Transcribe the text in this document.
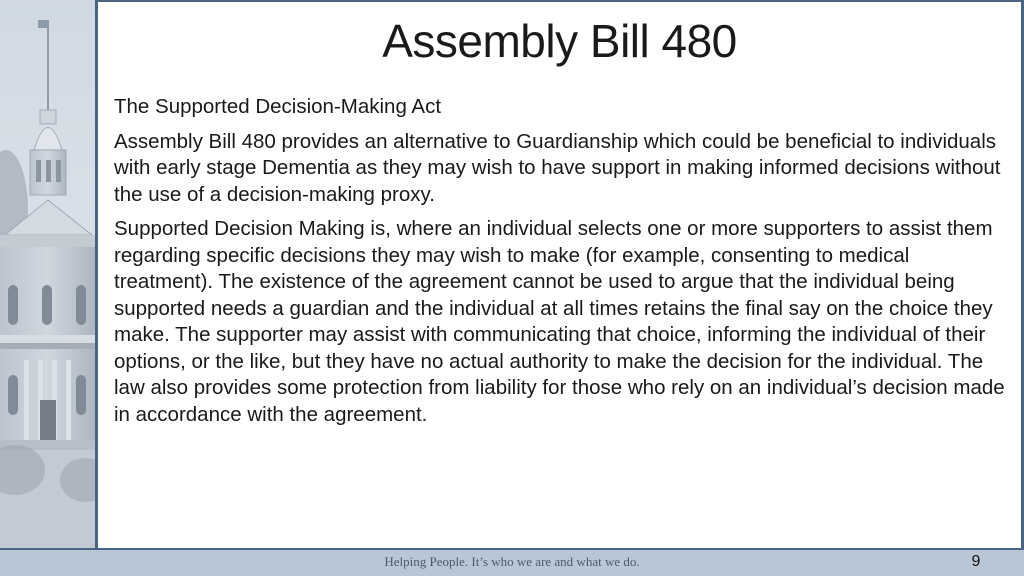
Assembly Bill 480

The Supported Decision-Making Act

Assembly Bill 480 provides an alternative to Guardianship which could be beneficial to individuals with early stage Dementia as they may wish to have support in making informed decisions without the use of a decision-making proxy.

Supported Decision Making is, where an individual selects one or more supporters to assist them regarding specific decisions they may wish to make (for example, consenting to medical treatment). The existence of the agreement cannot be used to argue that the individual being supported needs a guardian and the individual at all times retains the final say on the choice they make. The supporter may assist with communicating that choice, informing the individual of their options, or the like, but they have no actual authority to make the decision for the individual. The law also provides some protection from liability for those who rely on an individual’s decision made in accordance with the agreement.

Helping People. It’s who we are and what we do.	9
